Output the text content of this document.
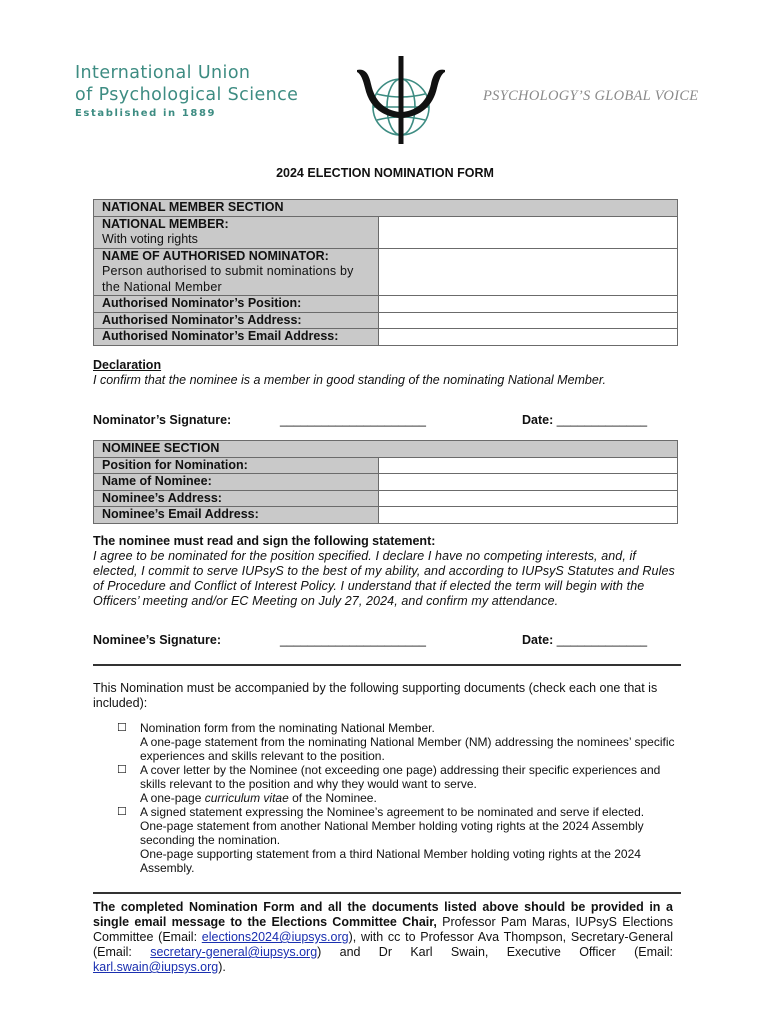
International Union
of Psychological Science
Established in 1889
PSYCHOLOGY’S GLOBAL VOICE
2024 ELECTION NOMINATION FORM
NATIONAL MEMBER SECTION	

NATIONAL MEMBER:
With voting rights	

NAME OF AUTHORISED NOMINATOR:
Person authorised to submit nominations by the National Member	

Authorised Nominator’s Position:	
Authorised Nominator’s Address:	
Authorised Nominator’s Email Address:	
Declaration
I confirm that the nominee is a member in good standing of the nominating National Member.
Nominator’s Signature:	_____________________	Date: _____________
NOMINEE SECTION	
Position for Nomination:	
Name of Nominee:	
Nominee’s Address:	
Nominee’s Email Address:	
The nominee must read and sign the following statement:
I agree to be nominated for the position specified. I declare I have no competing interests, and, if elected, I commit to serve IUPsyS to the best of my ability, and according to IUPsyS Statutes and Rules of Procedure and Conflict of Interest Policy. I understand that if elected the term will begin with the Officers’ meeting and/or EC Meeting on July 27, 2024, and confirm my attendance.
Nominee’s Signature:	_____________________	Date: _____________
This Nomination must be accompanied by the following supporting documents (check each one that is included):
☐ Nomination form from the nominating National Member.
A one-page statement from the nominating National Member (NM) addressing the nominees’ specific experiences and skills relevant to the position.
☐ A cover letter by the Nominee (not exceeding one page) addressing their specific experiences and skills relevant to the position and why they would want to serve.
A one-page curriculum vitae of the Nominee.
☐ A signed statement expressing the Nominee’s agreement to be nominated and serve if elected.
One-page statement from another National Member holding voting rights at the 2024 Assembly seconding the nomination.
One-page supporting statement from a third National Member holding voting rights at the 2024 Assembly.
The completed Nomination Form and all the documents listed above should be provided in a single email message to the Elections Committee Chair, Professor Pam Maras, IUPsyS Elections Committee (Email: elections2024@iupsys.org), with cc to Professor Ava Thompson, Secretary-General (Email: secretary-general@iupsys.org) and Dr Karl Swain, Executive Officer (Email: karl.swain@iupsys.org).
